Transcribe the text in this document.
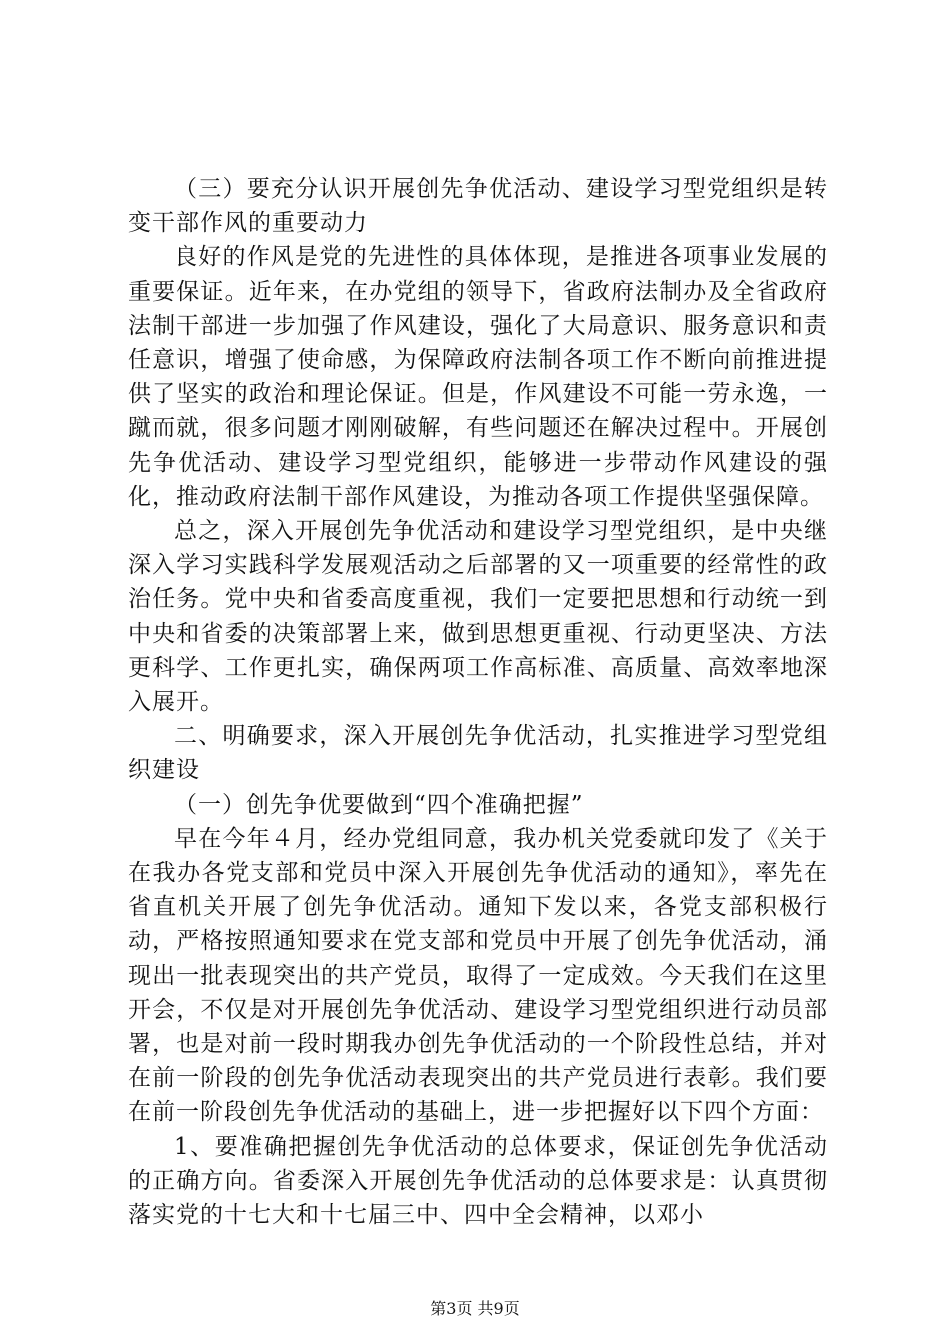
（三）要充分认识开展创先争优活动、建设学习型党组织是转变干部作风的重要动力

良好的作风是党的先进性的具体体现，是推进各项事业发展的重要保证。近年来，在办党组的领导下，省政府法制办及全省政府法制干部进一步加强了作风建设，强化了大局意识、服务意识和责任意识，增强了使命感，为保障政府法制各项工作不断向前推进提供了坚实的政治和理论保证。但是，作风建设不可能一劳永逸，一蹴而就，很多问题才刚刚破解，有些问题还在解决过程中。开展创先争优活动、建设学习型党组织，能够进一步带动作风建设的强化，推动政府法制干部作风建设，为推动各项工作提供坚强保障。

总之，深入开展创先争优活动和建设学习型党组织，是中央继深入学习实践科学发展观活动之后部署的又一项重要的经常性的政治任务。党中央和省委高度重视，我们一定要把思想和行动统一到中央和省委的决策部署上来，做到思想更重视、行动更坚决、方法更科学、工作更扎实，确保两项工作高标准、高质量、高效率地深入展开。

二、明确要求，深入开展创先争优活动，扎实推进学习型党组织建设

（一）创先争优要做到“四个准确把握”

早在今年４月，经办党组同意，我办机关党委就印发了《关于在我办各党支部和党员中深入开展创先争优活动的通知》，率先在省直机关开展了创先争优活动。通知下发以来，各党支部积极行动，严格按照通知要求在党支部和党员中开展了创先争优活动，涌现出一批表现突出的共产党员，取得了一定成效。今天我们在这里开会，不仅是对开展创先争优活动、建设学习型党组织进行动员部署，也是对前一段时期我办创先争优活动的一个阶段性总结，并对在前一阶段的创先争优活动表现突出的共产党员进行表彰。我们要在前一阶段创先争优活动的基础上，进一步把握好以下四个方面：

1、要准确把握创先争优活动的总体要求，保证创先争优活动的正确方向。省委深入开展创先争优活动的总体要求是：认真贯彻落实党的十七大和十七届三中、四中全会精神，以邓小

第3页 共9页
